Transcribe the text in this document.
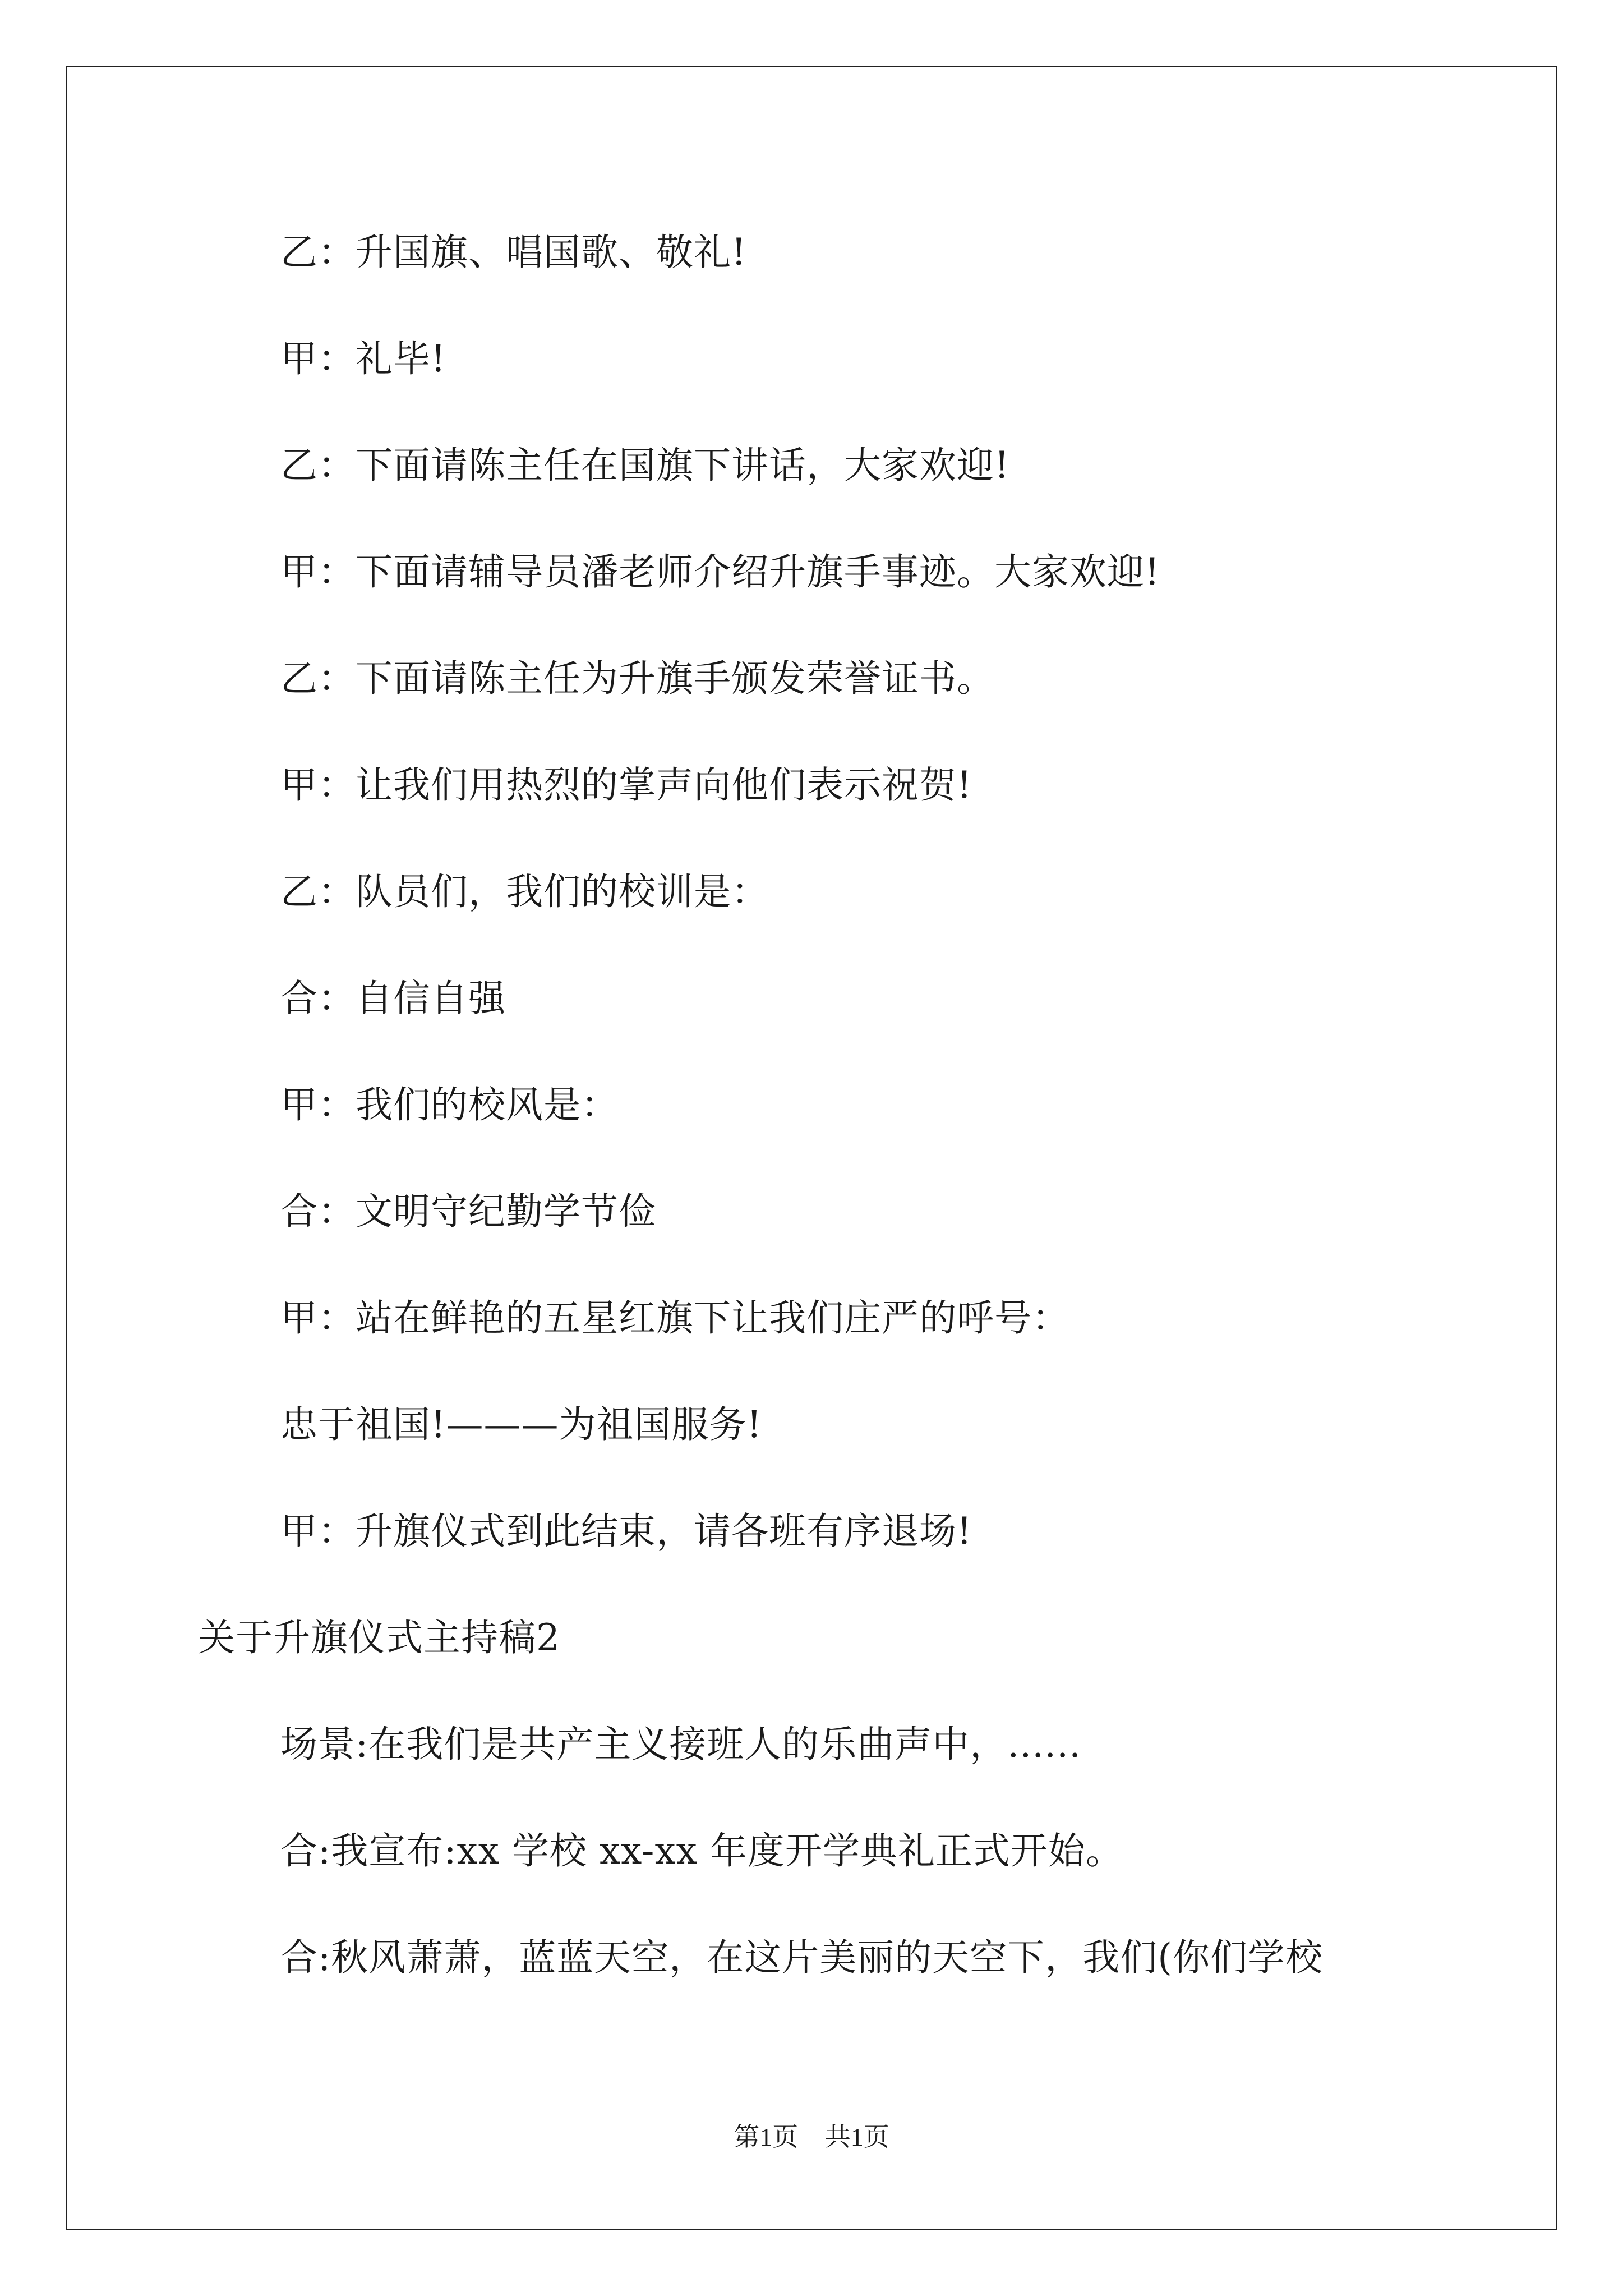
乙：升国旗、唱国歌、敬礼!
甲：礼毕!
乙：下面请陈主任在国旗下讲话，大家欢迎!
甲：下面请辅导员潘老师介绍升旗手事迹。大家欢迎!
乙：下面请陈主任为升旗手颁发荣誉证书。
甲：让我们用热烈的掌声向他们表示祝贺!
乙：队员们，我们的校训是：
合：自信自强
甲：我们的校风是：
合：文明守纪勤学节俭
甲：站在鲜艳的五星红旗下让我们庄严的呼号：
忠于祖国!———为祖国服务!
甲：升旗仪式到此结束，请各班有序退场!
关于升旗仪式主持稿2
场景:在我们是共产主义接班人的乐曲声中，......
合:我宣布:xx 学校 xx-xx 年度开学典礼正式开始。
合:秋风萧萧，蓝蓝天空，在这片美丽的天空下，我们(你们学校
第1页 共1页
